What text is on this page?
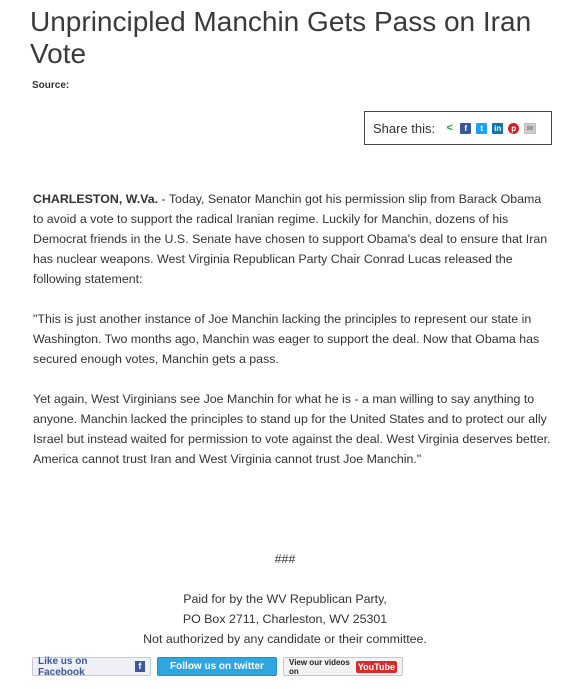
Unprincipled Manchin Gets Pass on Iran Vote
Source:
Share this: <	f	t	in	p	✉

CHARLESTON, W.Va. - Today, Senator Manchin got his permission slip from Barack Obama to avoid a vote to support the radical Iranian regime. Luckily for Manchin, dozens of his Democrat friends in the U.S. Senate have chosen to support Obama's deal to ensure that Iran has nuclear weapons. West Virginia Republican Party Chair Conrad Lucas released the following statement:

"This is just another instance of Joe Manchin lacking the principles to represent our state in Washington. Two months ago, Manchin was eager to support the deal. Now that Obama has secured enough votes, Manchin gets a pass.

Yet again, West Virginians see Joe Manchin for what he is - a man willing to say anything to anyone. Manchin lacked the principles to stand up for the United States and to protect our ally Israel but instead waited for permission to vote against the deal. West Virginia deserves better. America cannot trust Iran and West Virginia cannot trust Joe Manchin."

###
Paid for by the WV Republican Party,
PO Box 2711, Charleston, WV 25301
Not authorized by any candidate or their committee.
Like us on Facebook
f	Follow us on twitter	View our videos on	YouTube
